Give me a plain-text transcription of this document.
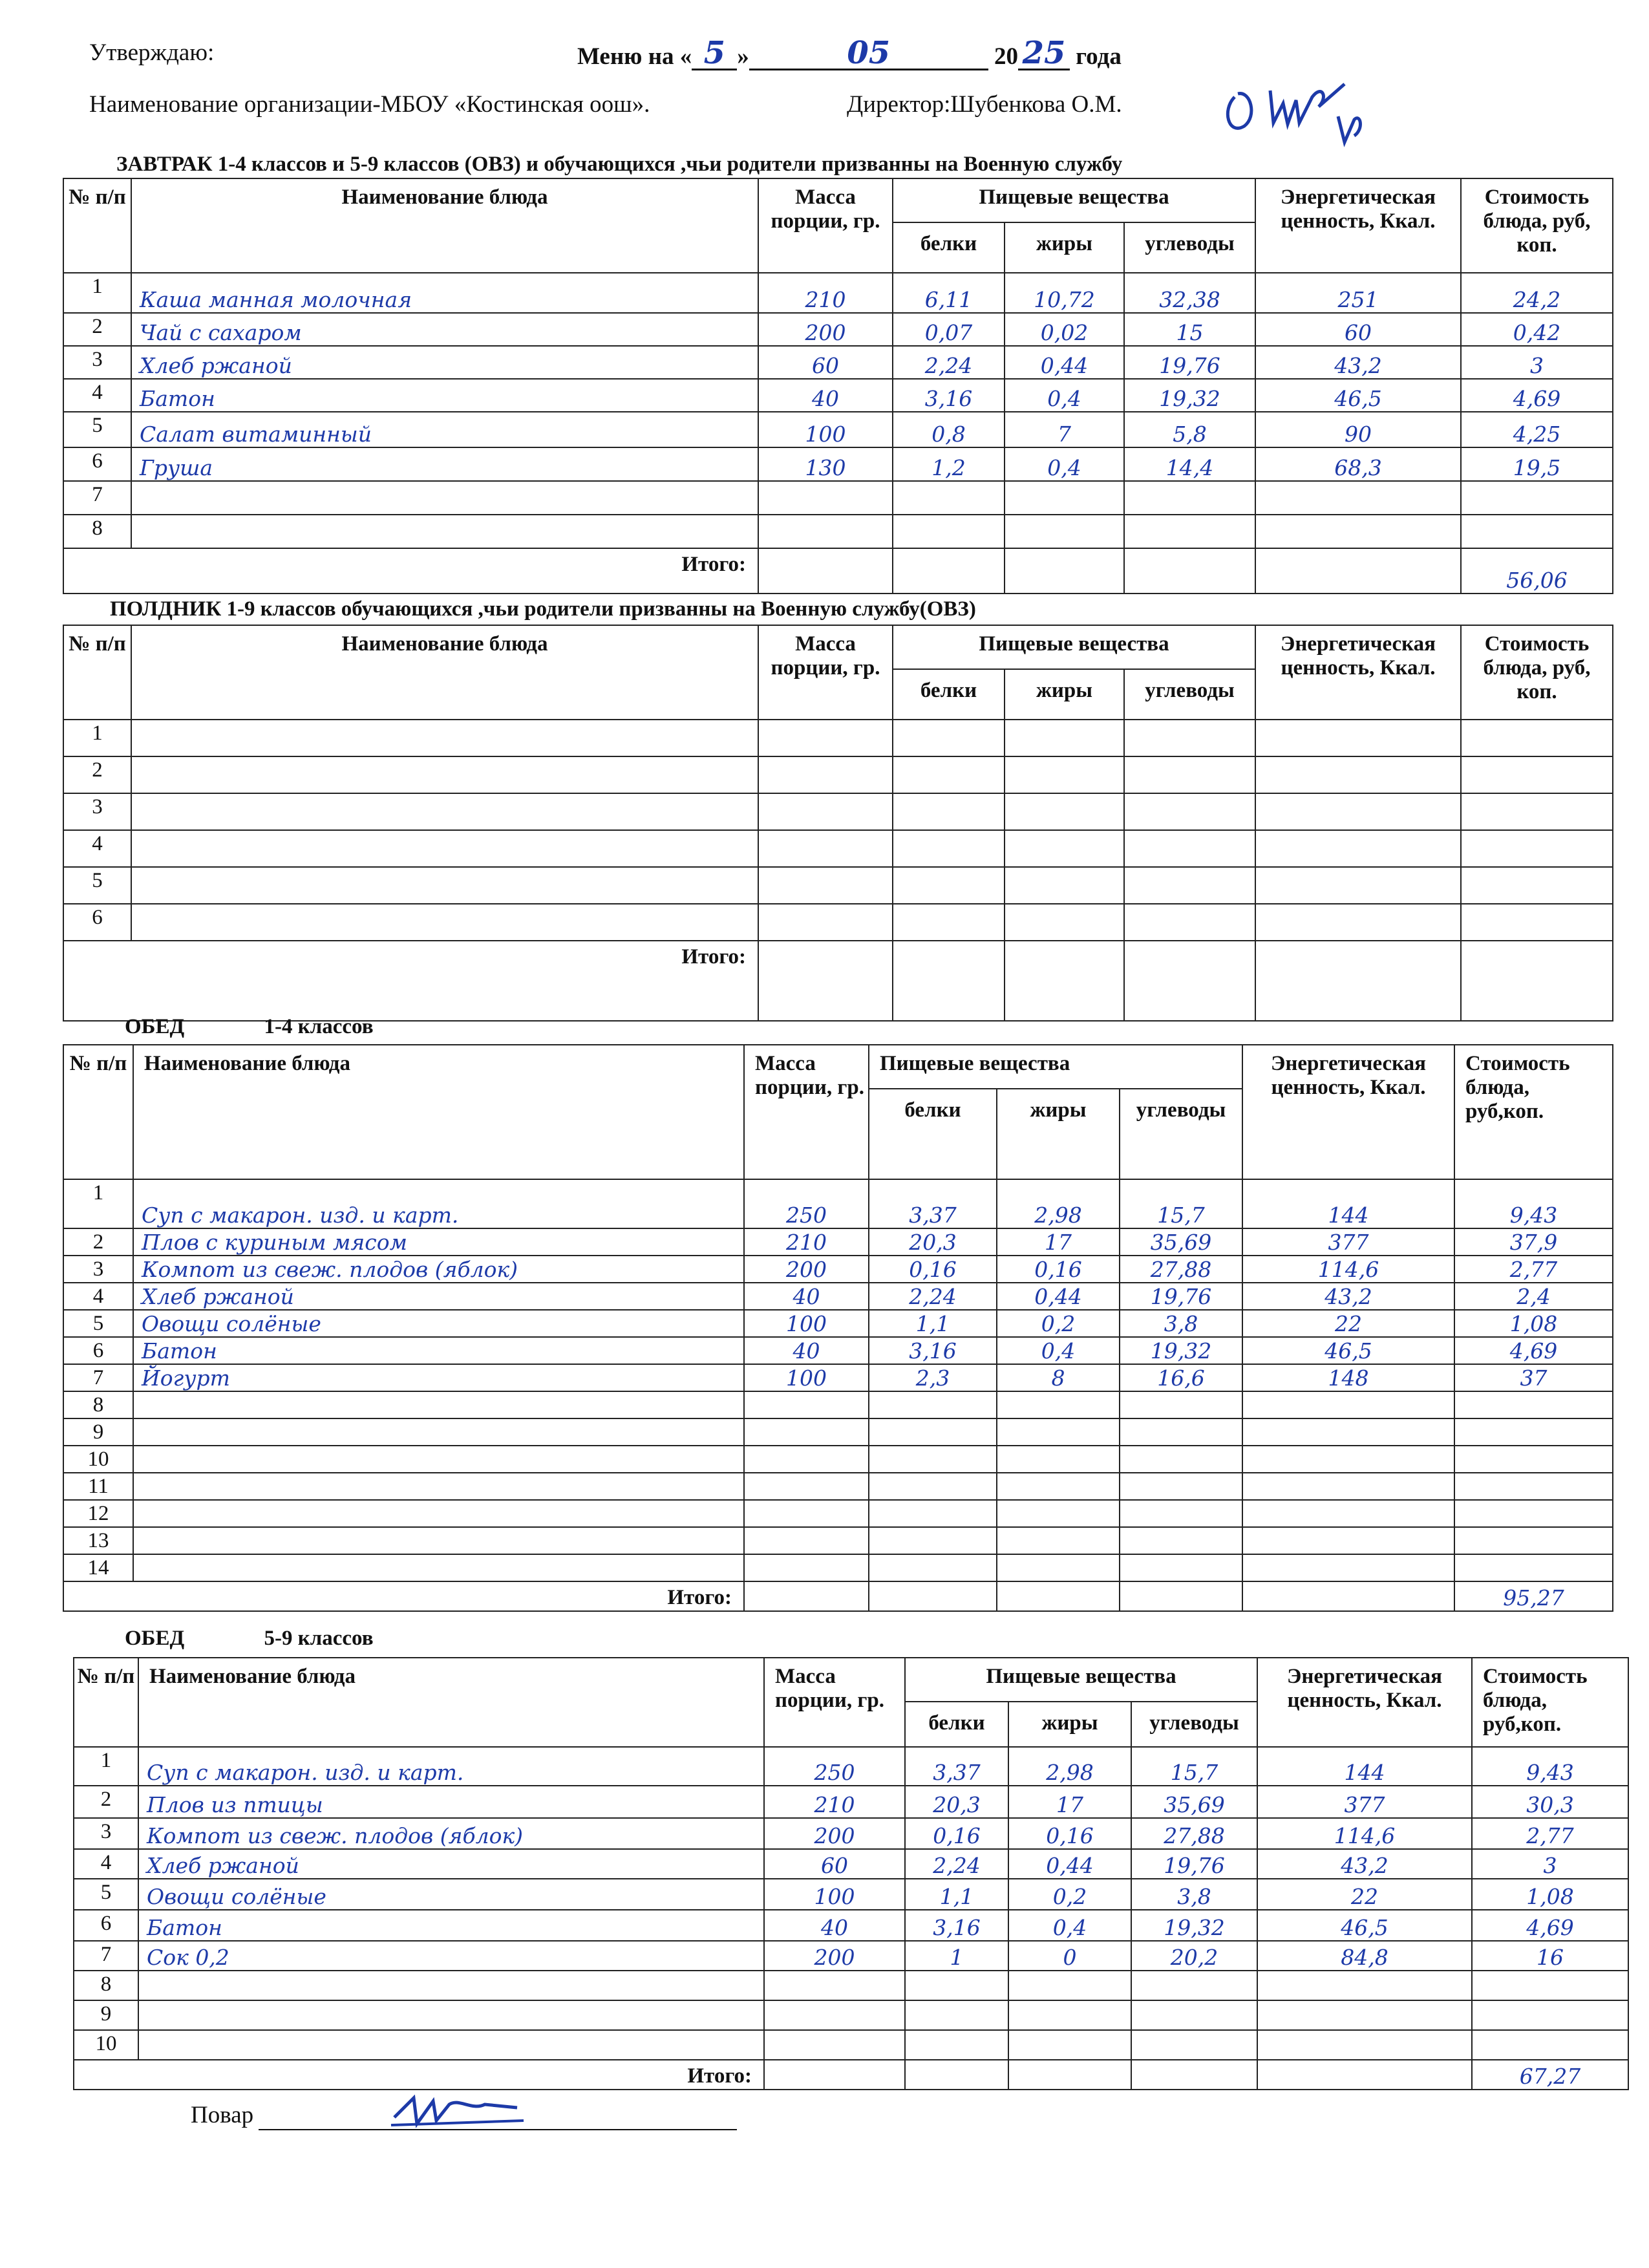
Утверждаю:	Меню на « 5 »	05	20 25 года
Наименование организации-МБОУ «Костинская оош».	Директор:Шубенкова О.М.
ЗАВТРАК 1-4 классов и 5-9 классов (ОВЗ) и обучающихся ,чьи родители призванны на Военную службу
№ п/п	Наименование блюда	Масса порции, гр.	Пищевые вещества			Энергетическая ценность, Ккал.	Стоимость блюда, руб, коп.
			белки	жиры	углеводы		
1	Каша манная молочная	210	6,11	10,72	32,38	251	24,2
2	Чай с сахаром	200	0,07	0,02	15	60	0,42
3	Хлеб ржаной	60	2,24	0,44	19,76	43,2	3
4	Батон	40	3,16	0,4	19,32	46,5	4,69
5	Салат витаминный	100	0,8	7	5,8	90	4,25
6	Груша	130	1,2	0,4	14,4	68,3	19,5
7							
8							
Итого:							56,06
ПОЛДНИК 1-9 классов обучающихся ,чьи родители призванны на Военную службу(ОВЗ)
№ п/п	Наименование блюда	Масса порции, гр.	Пищевые вещества			Энергетическая ценность, Ккал.	Стоимость блюда, руб, коп.
			белки	жиры	углеводы		
1							
2							
3							
4							
5							
6							
Итого:							
ОБЕД	1-4 классов
№ п/п	Наименование блюда	Масса порции, гр.	Пищевые вещества			Энергетическая ценность, Ккал.	Стоимость блюда, руб,коп.
			белки	жиры	углеводы		
1	Суп с макарон. изд. и карт.	250	3,37	2,98	15,7	144	9,43
2	Плов с куриным мясом	210	20,3	17	35,69	377	37,9
3	Компот из свеж. плодов (яблок)	200	0,16	0,16	27,88	114,6	2,77
4	Хлеб ржаной	40	2,24	0,44	19,76	43,2	2,4
5	Овощи солёные	100	1,1	0,2	3,8	22	1,08
6	Батон	40	3,16	0,4	19,32	46,5	4,69
7	Йогурт	100	2,3	8	16,6	148	37
8							
9							
10							
11							
12							
13							
14							
Итого:							95,27
ОБЕД	5-9 классов
№ п/п	Наименование блюда	Масса порции, гр.	Пищевые вещества			Энергетическая ценность, Ккал.	Стоимость блюда, руб,коп.
			белки	жиры	углеводы		
1	Суп с макарон. изд. и карт.	250	3,37	2,98	15,7	144	9,43
2	Плов из птицы	210	20,3	17	35,69	377	30,3
3	Компот из свеж. плодов (яблок)	200	0,16	0,16	27,88	114,6	2,77
4	Хлеб ржаной	60	2,24	0,44	19,76	43,2	3
5	Овощи солёные	100	1,1	0,2	3,8	22	1,08
6	Батон	40	3,16	0,4	19,32	46,5	4,69
7	Сок 0,2	200	1	0	20,2	84,8	16
8							
9							
10							
Итого:							67,27
Повар
